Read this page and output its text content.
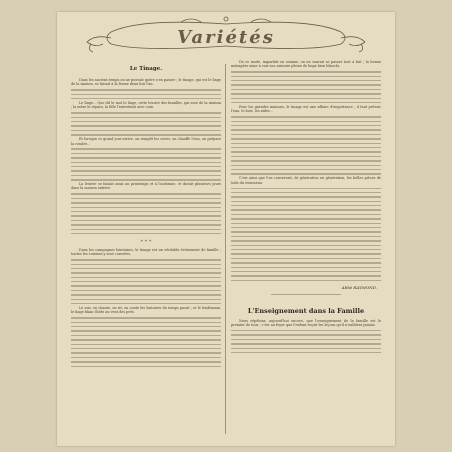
Variétés
Le Tinage.

Dans les anciens temps on ne pouvait guère s'en passer ; le tinage, qui est le linge de la maison, se faisait à la ferme deux fois l'an.

Le linge... Que dit le mot le linge, cette lessive des familles, qui sont de la maison ; la mère le répare, la fille l'entretient avec soin.

Et lorsque ce grand jour arrive, on remplit les cuves, on chauffe l'eau, on prépare la cendre...

La lessive se faisait ainsi au printemps et à l'automne, et durait plusieurs jours dans la maison entière.

* * *

Dans les campagnes lointaines, le tinage est un véritable événement de famille ; toutes les voisines y sont conviées.

Le soir, on chante, on rit, on conte les histoires du temps passé ; et le lendemain, le linge blanc flotte au vent des prés.

De ce mode, imparfait en somme, on ne saurait se passer tout à fait ; la bonne ménagère aime à voir son armoire pleine de linge bien blanchi.

Pour les grandes maisons, le tinage est une affaire d'importance ; il faut prévoir l'eau, le bois, les aides...

C'est ainsi que l'on conservait, de génération en génération, les belles pièces de toile du trousseau.

Abbé RAYMOND.
L'Enseignement dans la Famille

Nous répétons, aujourd'hui encore, que l'enseignement de la famille est le premier de tous ; c'est au foyer que l'enfant reçoit les leçons qu'il n'oubliera jamais.
